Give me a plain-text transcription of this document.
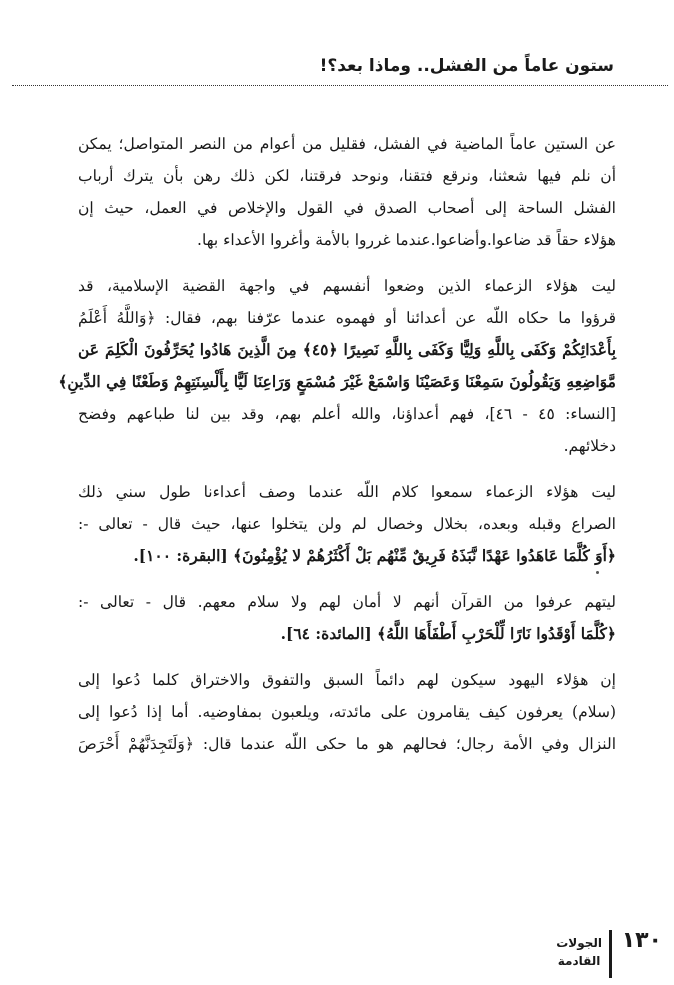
ستون عاماً من الفشل.. وماذا بعد؟!

عن الستين عاماً الماضية في الفشل، فقليل من أعوام من النصر المتواصل؛ يمكن
أن نلم فيها شعثنا، ونرقع فتقنا، ونوحد فرقتنا، لكن ذلك رهن بأن يترك أرباب
الفشل الساحة إلى أصحاب الصدق في القول والإخلاص في العمل، حيث إن
هؤلاء حقاً قد ضاعوا.وأضاعوا.عندما غرروا بالأمة وأغروا الأعداء بها.

ليت هؤلاء الزعماء الذين وضعوا أنفسهم في واجهة القضية الإسلامية، قد
قرؤوا ما حكاه اللّه عن أعدائنا أو فهموه عندما عرّفنا بهم، فقال: ﴿وَاللَّهُ أَعْلَمُ
بِأَعْدَائِكُمْ وَكَفَى بِاللَّهِ وَلِيًّا وَكَفَى بِاللَّهِ نَصِيرًا ﴿٤٥﴾ مِنَ الَّذِينَ هَادُوا يُحَرِّفُونَ الْكَلِمَ عَن
مَّوَاضِعِهِ وَيَقُولُونَ سَمِعْنَا وَعَصَيْنَا وَاسْمَعْ غَيْرَ مُسْمَعٍ وَرَاعِنَا لَيًّا بِأَلْسِنَتِهِمْ وَطَعْنًا فِي الدِّينِ﴾
[النساء: ٤٥ - ٤٦]، فهم أعداؤنا، والله أعلم بهم، وقد بين لنا طباعهم وفضح
دخلائهم.

ليت هؤلاء الزعماء سمعوا كلام اللّه عندما وصف أعداءنا طول سني ذلك
الصراع وقبله وبعده، بخلال وخصال لم ولن يتخلوا عنها، حيث قال - تعالى -:
﴿أَوَ كُلَّمَا عَاهَدُوا عَهْدًا نَّبَذَهُ فَرِيقٌ مِّنْهُم بَلْ أَكْثَرُهُمْ لا يُؤْمِنُونَ﴾ [البقرة: ١٠٠].

ليتهم عرفوا من القرآن أنهم لا أمان لهم ولا سلام معهم. قال - تعالى -:
﴿كُلَّمَا أَوْقَدُوا نَارًا لِّلْحَرْبِ أَطْفَأَهَا اللَّهُ﴾ [المائدة: ٦٤].

إن هؤلاء اليهود سيكون لهم دائماً السبق والتفوق والاختراق كلما دُعوا إلى
(سلام) يعرفون كيف يقامرون على مائدته، ويلعبون بمفاوضيه. أما إذا دُعوا إلى
النزال وفي الأمة رجال؛ فحالهم هو ما حكى اللّه عندما قال: ﴿وَلَتَجِدَنَّهُمْ أَحْرَصَ

١٣٠
الجولات
القادمة
